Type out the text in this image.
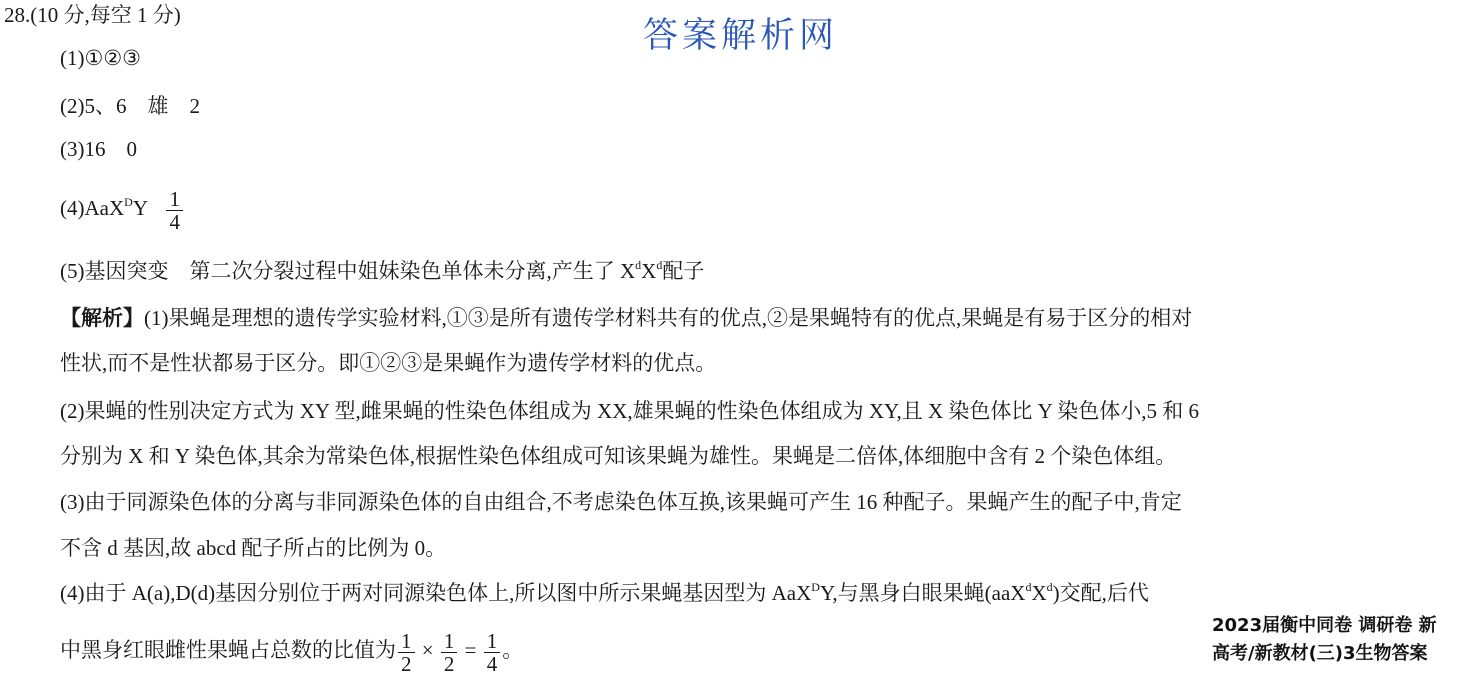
28.(10 分,每空 1 分)
答案解析网
(1)①②③
(2)5、6　雄　2
(3)16　0
$(4)AaX^DY \frac{1}{4}$
(5)基因突变　第二次分裂过程中姐妹染色单体未分离,产生了 $X^dX^d$配子
【解析】(1)果蝇是理想的遗传学实验材料,①③是所有遗传学材料共有的优点,②是果蝇特有的优点,果蝇是有易于区分的相对
性状,而不是性状都易于区分。即①②③是果蝇作为遗传学材料的优点。
(2)果蝇的性别决定方式为 XY 型,雌果蝇的性染色体组成为 XX,雄果蝇的性染色体组成为 XY,且 X 染色体比 Y 染色体小,5 和 6
分别为 X 和 Y 染色体,其余为常染色体,根据性染色体组成可知该果蝇为雄性。果蝇是二倍体,体细胞中含有 2 个染色体组。
(3)由于同源染色体的分离与非同源染色体的自由组合,不考虑染色体互换,该果蝇可产生 16 种配子。果蝇产生的配子中,肯定
不含 d 基因,故 abcd 配子所占的比例为 0。
(4)由于 A(a),D(d)基因分别位于两对同源染色体上,所以图中所示果蝇基因型为 AaX$^D$Y,与黑身白眼果蝇$(aaX^dX^d)$交配,后代
中黑身红眼雌性果蝇占总数的比值为 $\frac{1}{2} \times \frac{1}{2} = \frac{1}{4}$ 。
2023届衡中同卷 调研卷 新
高考/新教材(三)3生物答案
